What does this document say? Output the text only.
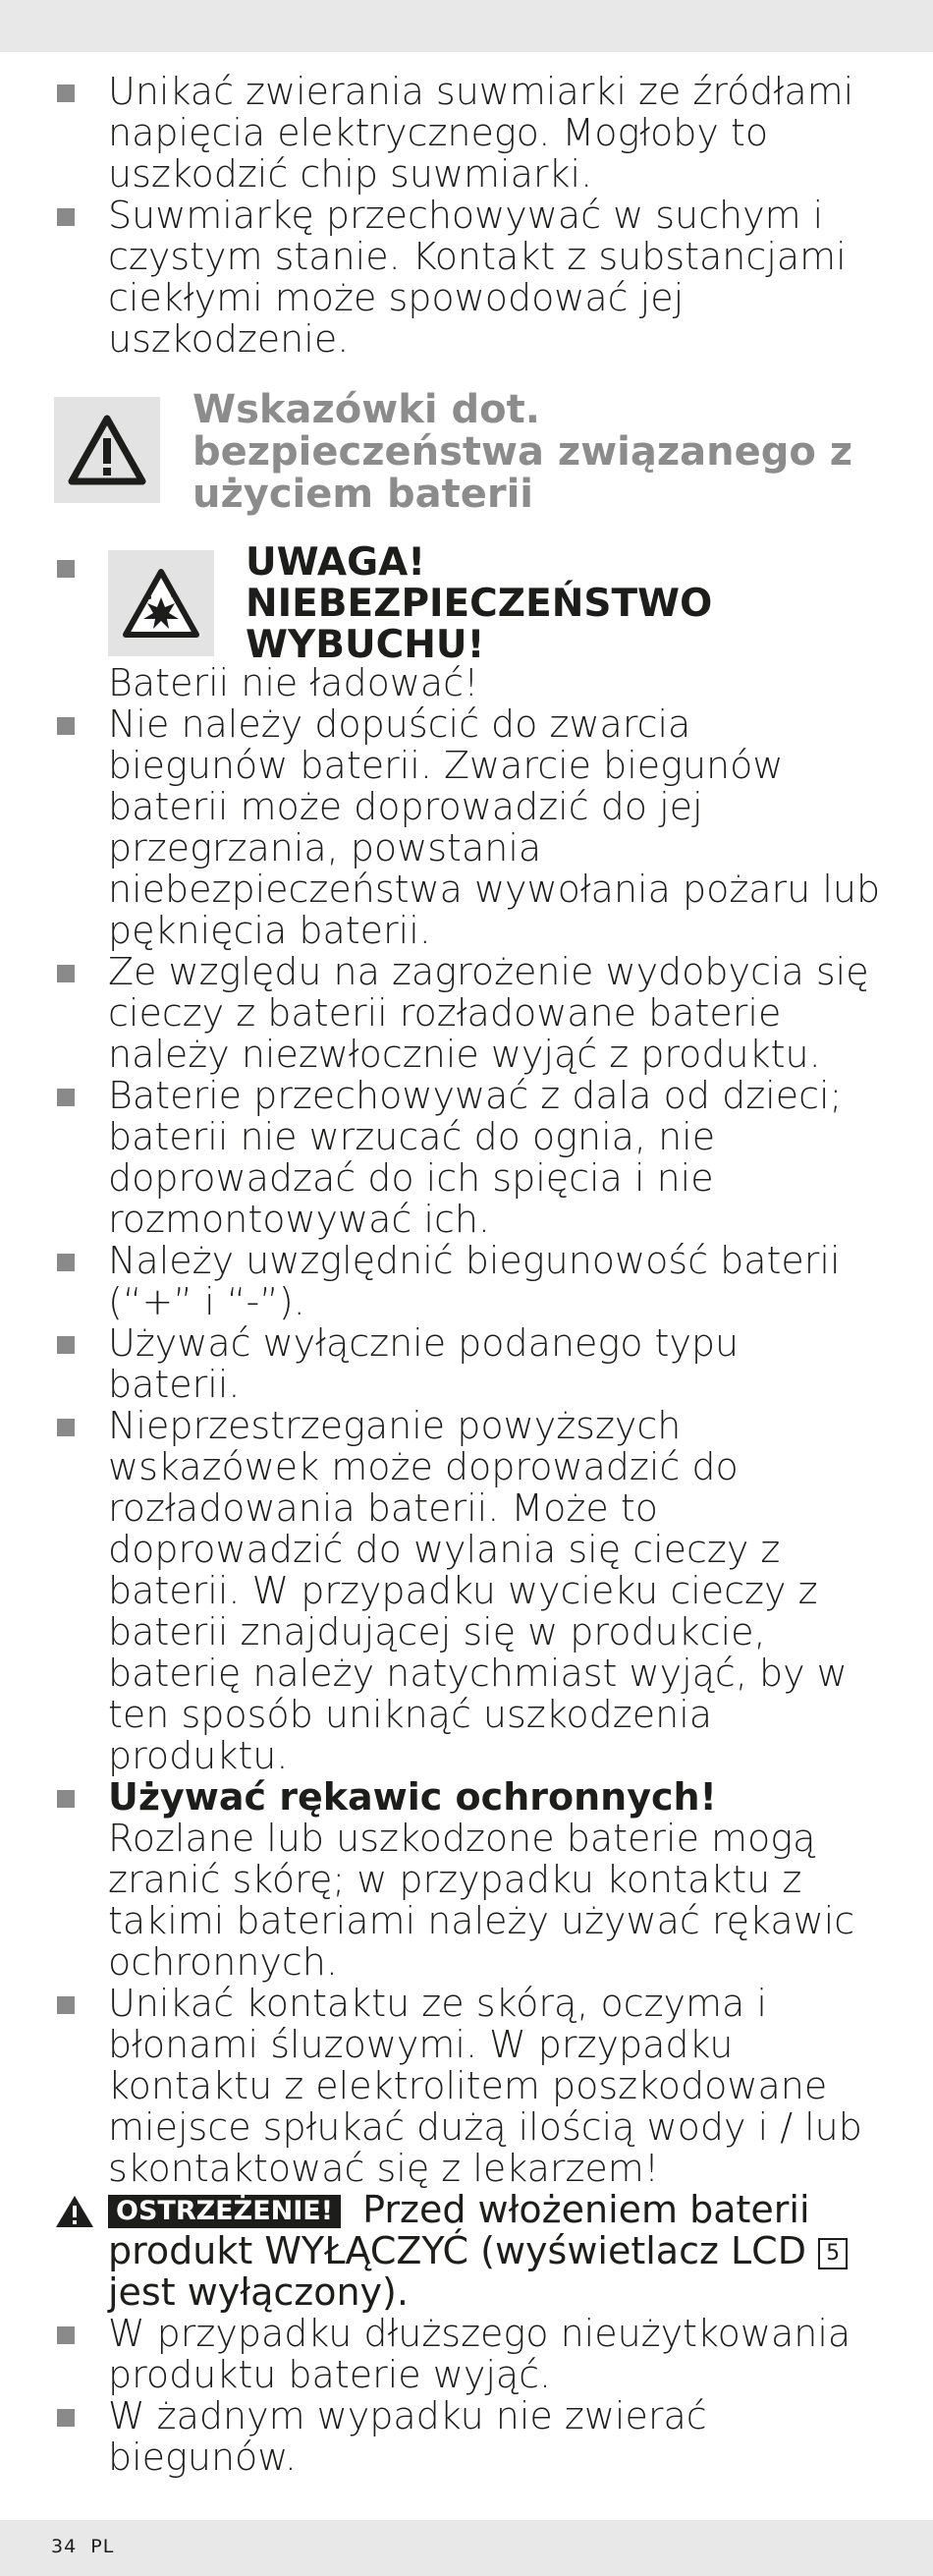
Unikać zwierania suwmiarki ze źródłami napięcia elektrycznego. Mogłoby to uszkodzić chip suwmiarki.
Suwmiarkę przechowywać w suchym i czystym stanie. Kontakt z substancjami ciekłymi może spowodować jej uszkodzenie.
Wskazówki dot. bezpieczeństwa związanego z użyciem baterii
UWAGA!
NIEBEZPIECZEŃSTWO
WYBUCHU!
Baterii nie ładować!
Nie należy dopuścić do zwarcia biegunów baterii. Zwarcie biegunów baterii może doprowadzić do jej przegrzania, powstania niebezpieczeństwa wywołania pożaru lub pęknięcia baterii.
Ze względu na zagrożenie wydobycia się cieczy z baterii rozładowane baterie należy niezwłocznie wyjąć z produktu.
Baterie przechowywać z dala od dzieci; baterii nie wrzucać do ognia, nie doprowadzać do ich spięcia i nie rozmontowywać ich.
Należy uwzględnić biegunowość baterii (“+” i “-”).
Używać wyłącznie podanego typu baterii.
Nieprzestrzeganie powyższych wskazówek może doprowadzić do rozładowania baterii. Może to doprowadzić do wylania się cieczy z baterii. W przypadku wycieku cieczy z baterii znajdującej się w produkcie, baterię należy natychmiast wyjąć, by w ten sposób uniknąć uszkodzenia produktu.
Używać rękawic ochronnych!
Rozlane lub uszkodzone baterie mogą zranić skórę; w przypadku kontaktu z takimi bateriami należy używać rękawic ochronnych.
Unikać kontaktu ze skórą, oczyma i błonami śluzowymi. W przypadku kontaktu z elektrolitem poszkodowane miejsce spłukać dużą ilością wody i / lub skontaktować się z lekarzem!
OSTRZEŻENIE! Przed włożeniem baterii produkt WYŁĄCZYĆ (wyświetlacz LCD 5 jest wyłączony).
W przypadku dłuższego nieużytkowania produktu baterie wyjąć.
W żadnym wypadku nie zwierać biegunów.
34 PL
